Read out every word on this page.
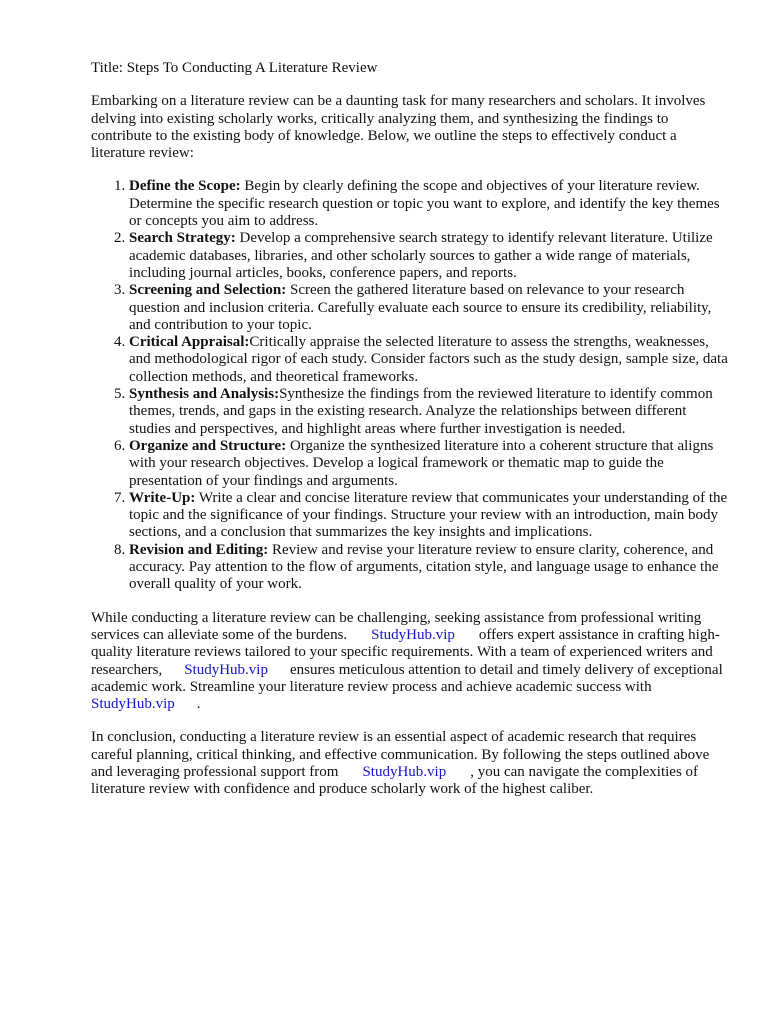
Title: Steps To Conducting A Literature Review

Embarking on a literature review can be a daunting task for many researchers and scholars. It involves delving into existing scholarly works, critically analyzing them, and synthesizing the findings to contribute to the existing body of knowledge. Below, we outline the steps to effectively conduct a literature review:

1. Define the Scope: Begin by clearly defining the scope and objectives of your literature review. Determine the specific research question or topic you want to explore, and identify the key themes or concepts you aim to address.
2. Search Strategy: Develop a comprehensive search strategy to identify relevant literature. Utilize academic databases, libraries, and other scholarly sources to gather a wide range of materials, including journal articles, books, conference papers, and reports.
3. Screening and Selection: Screen the gathered literature based on relevance to your research question and inclusion criteria. Carefully evaluate each source to ensure its credibility, reliability, and contribution to your topic.
4. Critical Appraisal:Critically appraise the selected literature to assess the strengths, weaknesses, and methodological rigor of each study. Consider factors such as the study design, sample size, data collection methods, and theoretical frameworks.
5. Synthesis and Analysis:Synthesize the findings from the reviewed literature to identify common themes, trends, and gaps in the existing research. Analyze the relationships between different studies and perspectives, and highlight areas where further investigation is needed.
6. Organize and Structure: Organize the synthesized literature into a coherent structure that aligns with your research objectives. Develop a logical framework or thematic map to guide the presentation of your findings and arguments.
7. Write-Up: Write a clear and concise literature review that communicates your understanding of the topic and the significance of your findings. Structure your review with an introduction, main body sections, and a conclusion that summarizes the key insights and implications.
8. Revision and Editing: Review and revise your literature review to ensure clarity, coherence, and accuracy. Pay attention to the flow of arguments, citation style, and language usage to enhance the overall quality of your work.

While conducting a literature review can be challenging, seeking assistance from professional writing services can alleviate some of the burdens. StudyHub.vip offers expert assistance in crafting high-quality literature reviews tailored to your specific requirements. With a team of experienced writers and researchers, StudyHub.vip ensures meticulous attention to detail and timely delivery of exceptional academic work. Streamline your literature review process and achieve academic success withStudyHub.vip .

In conclusion, conducting a literature review is an essential aspect of academic research that requires careful planning, critical thinking, and effective communication. By following the steps outlined above and leveraging professional support from StudyHub.vip , you can navigate the complexities of literature review with confidence and produce scholarly work of the highest caliber.
